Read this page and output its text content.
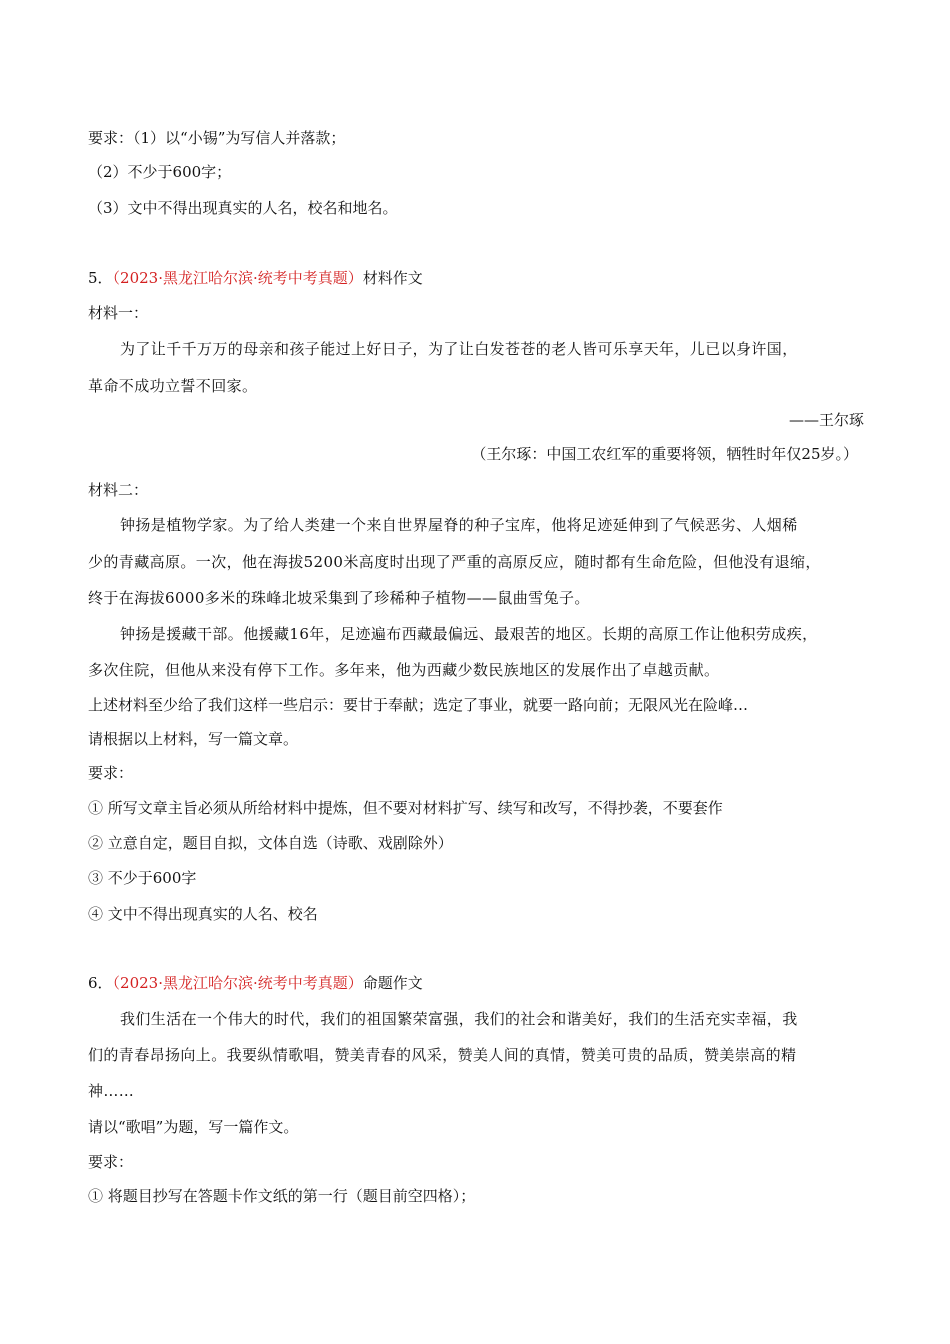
要求：（1）以“小锡”为写信人并落款；
（2）不少于600字；
（3）文中不得出现真实的人名，校名和地名。
5．（2023·黑龙江哈尔滨·统考中考真题）材料作文
材料一：
为了让千千万万的母亲和孩子能过上好日子，为了让白发苍苍的老人皆可乐享天年，儿已以身许国，
革命不成功立誓不回家。
——王尔琢
（王尔琢：中国工农红军的重要将领，牺牲时年仅25岁。）
材料二：
钟扬是植物学家。为了给人类建一个来自世界屋脊的种子宝库，他将足迹延伸到了气候恶劣、人烟稀
少的青藏高原。一次，他在海拔5200米高度时出现了严重的高原反应，随时都有生命危险，但他没有退缩，
终于在海拔6000多米的珠峰北坡采集到了珍稀种子植物——鼠曲雪兔子。
钟扬是援藏干部。他援藏16年，足迹遍布西藏最偏远、最艰苦的地区。长期的高原工作让他积劳成疾，
多次住院，但他从来没有停下工作。多年来，他为西藏少数民族地区的发展作出了卓越贡献。
上述材料至少给了我们这样一些启示：要甘于奉献；选定了事业，就要一路向前；无限风光在险峰…
请根据以上材料，写一篇文章。
要求：
① 所写文章主旨必须从所给材料中提炼，但不要对材料扩写、续写和改写，不得抄袭，不要套作
② 立意自定，题目自拟，文体自选（诗歌、戏剧除外）
③ 不少于600字
④ 文中不得出现真实的人名、校名
6．（2023·黑龙江哈尔滨·统考中考真题）命题作文
我们生活在一个伟大的时代，我们的祖国繁荣富强，我们的社会和谐美好，我们的生活充实幸福，我
们的青春昂扬向上。我要纵情歌唱，赞美青春的风采，赞美人间的真情，赞美可贵的品质，赞美崇高的精
神……
请以“歌唱”为题，写一篇作文。
要求：
① 将题目抄写在答题卡作文纸的第一行（题目前空四格）；
